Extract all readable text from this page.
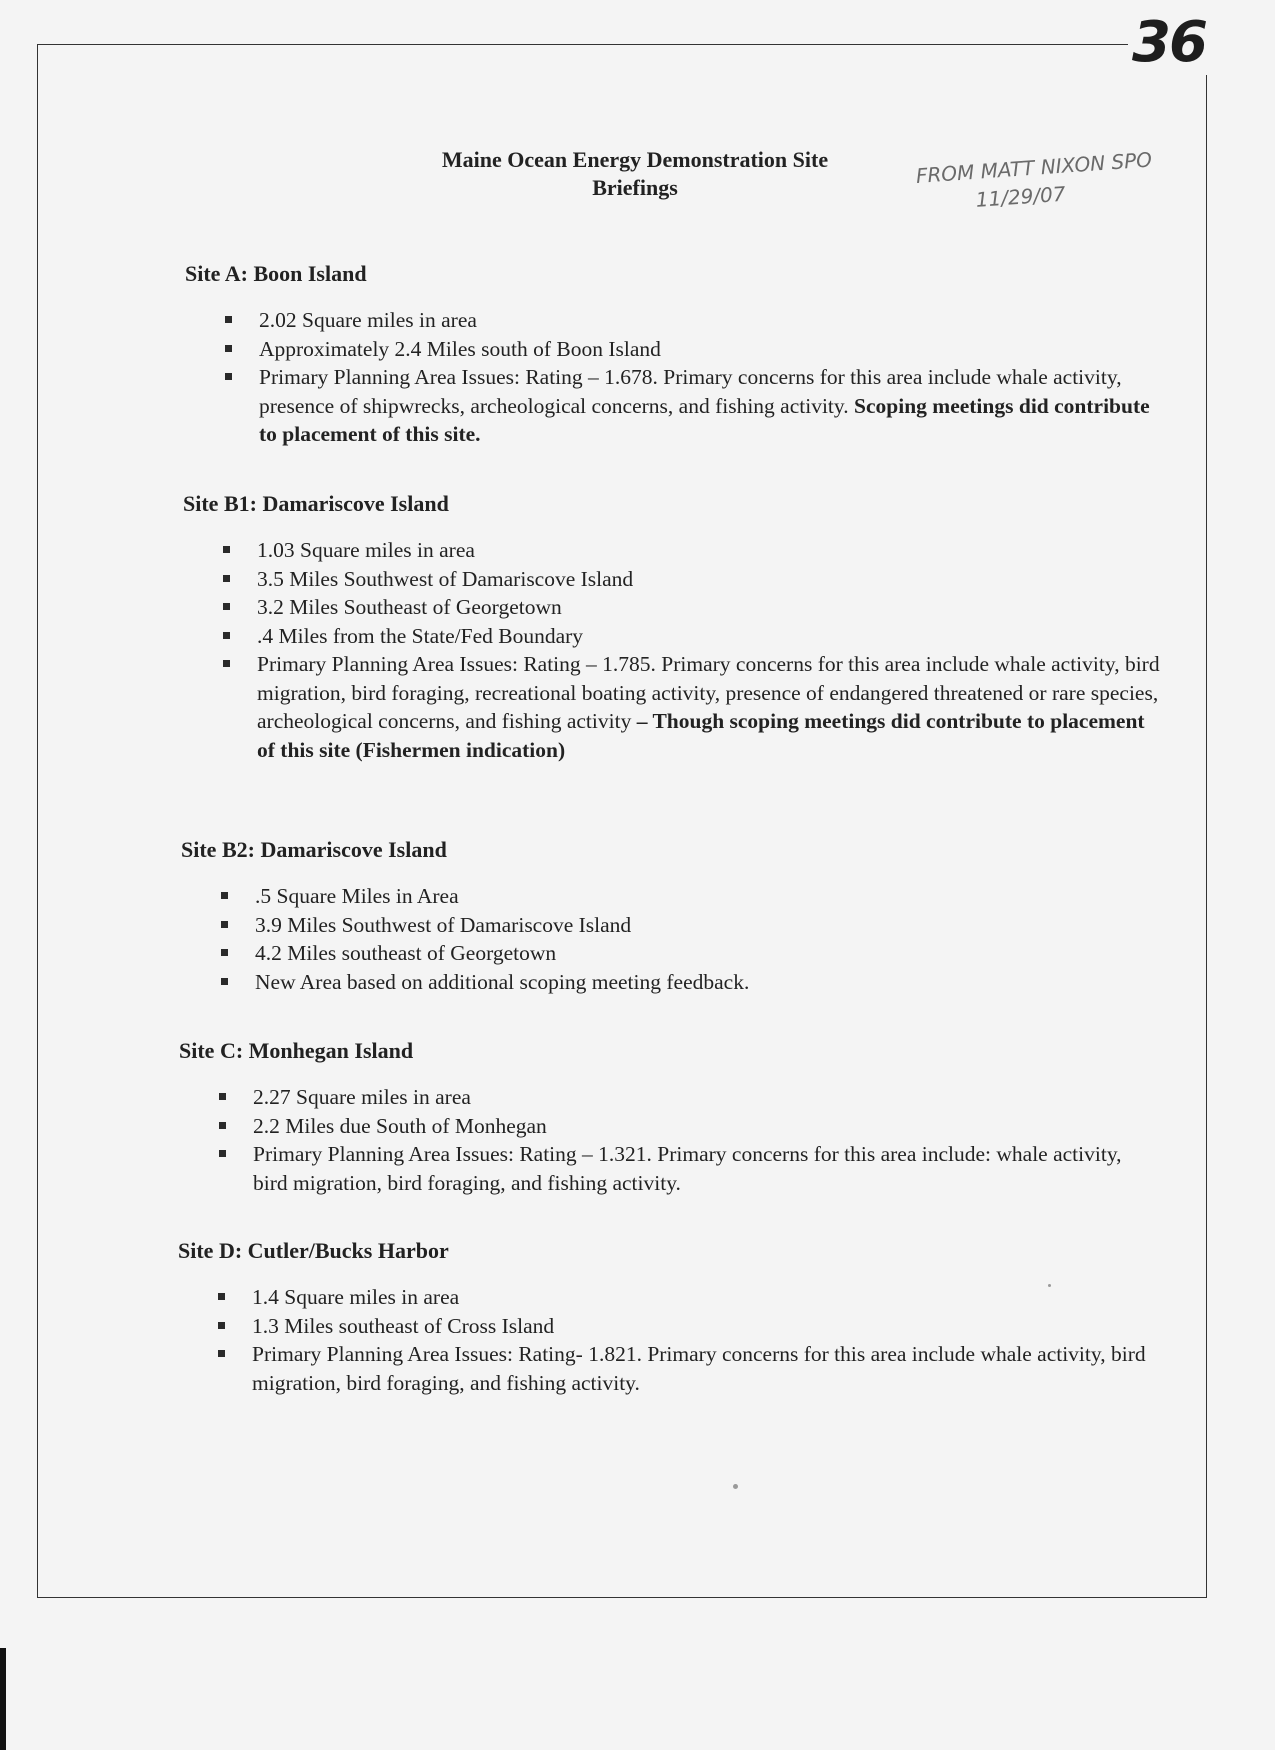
36
Maine Ocean Energy Demonstration Site
Briefings	FROM MATT NIXON SPO
11/29/07
Site A: Boon Island
2.02 Square miles in area
Approximately 2.4 Miles south of Boon Island
Primary Planning Area Issues: Rating – 1.678. Primary concerns for this area include whale activity, presence of shipwrecks, archeological concerns, and fishing activity. Scoping meetings did contribute to placement of this site.
Site B1: Damariscove Island
1.03 Square miles in area
3.5 Miles Southwest of Damariscove Island
3.2 Miles Southeast of Georgetown
.4 Miles from the State/Fed Boundary
Primary Planning Area Issues: Rating – 1.785. Primary concerns for this area include whale activity, bird migration, bird foraging, recreational boating activity, presence of endangered threatened or rare species, archeological concerns, and fishing activity – Though scoping meetings did contribute to placement of this site (Fishermen indication)
Site B2: Damariscove Island
.5 Square Miles in Area
3.9 Miles Southwest of Damariscove Island
4.2 Miles southeast of Georgetown
New Area based on additional scoping meeting feedback.
Site C: Monhegan Island
2.27 Square miles in area
2.2 Miles due South of Monhegan
Primary Planning Area Issues: Rating – 1.321. Primary concerns for this area include: whale activity, bird migration, bird foraging, and fishing activity.
Site D: Cutler/Bucks Harbor
1.4 Square miles in area
1.3 Miles southeast of Cross Island
Primary Planning Area Issues: Rating- 1.821. Primary concerns for this area include whale activity, bird migration, bird foraging, and fishing activity.
